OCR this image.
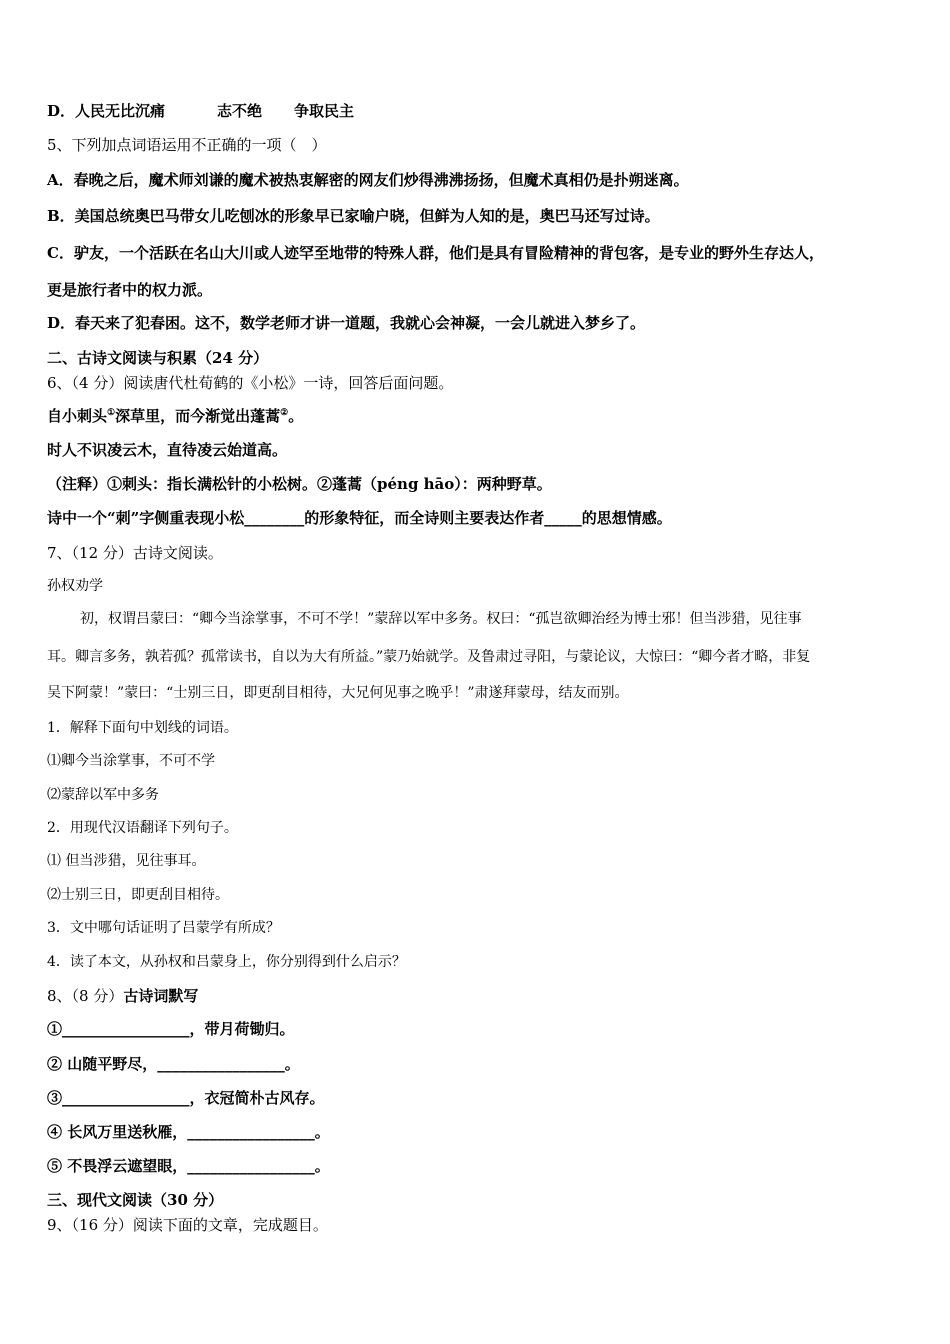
D．人民无比沉痛	志不绝 争取民主
5、下列加点词语运用不正确的一项（　）
A．春晚之后，魔术师刘谦的魔术被热衷解密的网友们炒得沸沸扬扬，但魔术真相仍是扑朔迷离。
B．美国总统奥巴马带女儿吃刨冰的形象早已家喻户晓，但鲜为人知的是，奥巴马还写过诗。
C．驴友，一个活跃在名山大川或人迹罕至地带的特殊人群，他们是具有冒险精神的背包客，是专业的野外生存达人，
更是旅行者中的权力派。
D．春天来了犯春困。这不，数学老师才讲一道题，我就心会神凝，一会儿就进入梦乡了。
二、古诗文阅读与积累（24 分）
6、（4 分）阅读唐代杜荀鹤的《小松》一诗，回答后面问题。
自小刺头①深草里，而今渐觉出蓬蒿②。
时人不识凌云木，直待凌云始道高。
（注释）①刺头：指长满松针的小松树。②蓬蒿（péng hāo）：两种野草。
诗中一个“刺”字侧重表现小松________的形象特征，而全诗则主要表达作者_____的思想情感。
7、（12 分）古诗文阅读。
孙权劝学
初，权谓吕蒙曰：“卿今当涂掌事，不可不学！”蒙辞以军中多务。权曰：“孤岂欲卿治经为博士邪！但当涉猎，见往事
耳。卿言多务，孰若孤？孤常读书，自以为大有所益。”蒙乃始就学。及鲁肃过寻阳，与蒙论议，大惊曰：“卿今者才略，非复
吴下阿蒙！”蒙曰：“士别三日，即更刮目相待，大兄何见事之晚乎！”肃遂拜蒙母，结友而别。
1．解释下面句中划线的词语。
⑴卿今当涂掌事，不可不学
⑵蒙辞以军中多务
2．用现代汉语翻译下列句子。
⑴ 但当涉猎，见往事耳。
⑵士别三日，即更刮目相待。
3．文中哪句话证明了吕蒙学有所成？
4．读了本文，从孙权和吕蒙身上，你分别得到什么启示？
8、（8 分）古诗词默写
①_________________，带月荷锄归。
② 山随平野尽，_________________。
③_________________，衣冠简朴古风存。
④ 长风万里送秋雁，_________________。
⑤ 不畏浮云遮望眼，_________________。
三、现代文阅读（30 分）
9、（16 分）阅读下面的文章，完成题目。
